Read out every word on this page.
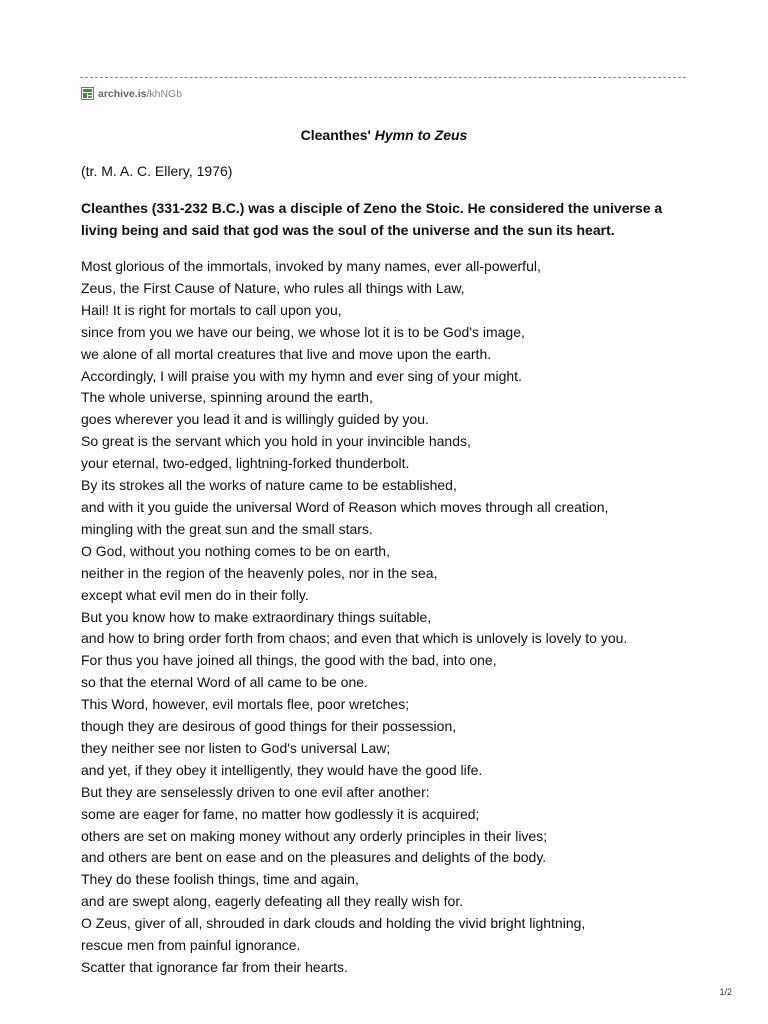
archive.is /khNGb
Cleanthes' Hymn to Zeus
(tr. M. A. C. Ellery, 1976)

Cleanthes (331-232 B.C.) was a disciple of Zeno the Stoic. He considered the universe a living being and said that god was the soul of the universe and the sun its heart.

Most glorious of the immortals, invoked by many names, ever all-powerful,
Zeus, the First Cause of Nature, who rules all things with Law,
Hail! It is right for mortals to call upon you,
since from you we have our being, we whose lot it is to be God's image,
we alone of all mortal creatures that live and move upon the earth.
Accordingly, I will praise you with my hymn and ever sing of your might.
The whole universe, spinning around the earth,
goes wherever you lead it and is willingly guided by you.
So great is the servant which you hold in your invincible hands,
your eternal, two-edged, lightning-forked thunderbolt.
By its strokes all the works of nature came to be established,
and with it you guide the universal Word of Reason which moves through all creation,
mingling with the great sun and the small stars.
O God, without you nothing comes to be on earth,
neither in the region of the heavenly poles, nor in the sea,
except what evil men do in their folly.
But you know how to make extraordinary things suitable,
and how to bring order forth from chaos; and even that which is unlovely is lovely to you.
For thus you have joined all things, the good with the bad, into one,
so that the eternal Word of all came to be one.
This Word, however, evil mortals flee, poor wretches;
though they are desirous of good things for their possession,
they neither see nor listen to God's universal Law;
and yet, if they obey it intelligently, they would have the good life.
But they are senselessly driven to one evil after another:
some are eager for fame, no matter how godlessly it is acquired;
others are set on making money without any orderly principles in their lives;
and others are bent on ease and on the pleasures and delights of the body.
They do these foolish things, time and again,
and are swept along, eagerly defeating all they really wish for.
O Zeus, giver of all, shrouded in dark clouds and holding the vivid bright lightning,
rescue men from painful ignorance.
Scatter that ignorance far from their hearts.
1/2
